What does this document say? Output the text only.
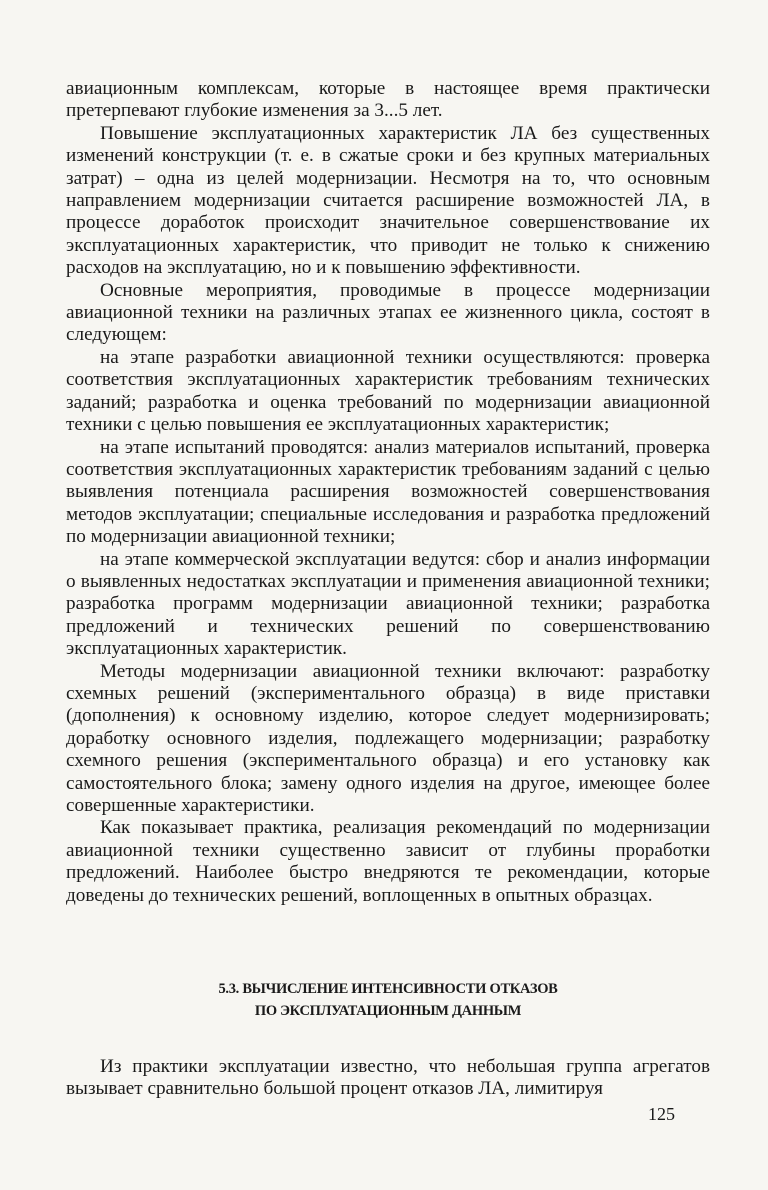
авиационным комплексам, которые в настоящее время практически претерпевают глубокие изменения за 3...5 лет.

Повышение эксплуатационных характеристик ЛА без существенных изменений конструкции (т. е. в сжатые сроки и без крупных материальных затрат) – одна из целей модернизации. Несмотря на то, что основным направлением модернизации считается расширение возможностей ЛА, в процессе доработок происходит значительное совершенствование их эксплуатационных характеристик, что приводит не только к снижению расходов на эксплуатацию, но и к повышению эффективности.

Основные мероприятия, проводимые в процессе модернизации авиационной техники на различных этапах ее жизненного цикла, состоят в следующем:

на этапе разработки авиационной техники осуществляются: проверка соответствия эксплуатационных характеристик требованиям технических заданий; разработка и оценка требований по модернизации авиационной техники с целью повышения ее эксплуатационных характеристик;

на этапе испытаний проводятся: анализ материалов испытаний, проверка соответствия эксплуатационных характеристик требованиям заданий с целью выявления потенциала расширения возможностей совершенствования методов эксплуатации; специальные исследования и разработка предложений по модернизации авиационной техники;

на этапе коммерческой эксплуатации ведутся: сбор и анализ информации о выявленных недостатках эксплуатации и применения авиационной техники; разработка программ модернизации авиационной техники; разработка предложений и технических решений по совершенствованию эксплуатационных характеристик.

Методы модернизации авиационной техники включают: разработку схемных решений (экспериментального образца) в виде приставки (дополнения) к основному изделию, которое следует модернизировать; доработку основного изделия, подлежащего модернизации; разработку схемного решения (экспериментального образца) и его установку как самостоятельного блока; замену одного изделия на другое, имеющее более совершенные характеристики.

Как показывает практика, реализация рекомендаций по модернизации авиационной техники существенно зависит от глубины проработки предложений. Наиболее быстро внедряются те рекомендации, которые доведены до технических решений, воплощенных в опытных образцах.

5.3. ВЫЧИСЛЕНИЕ ИНТЕНСИВНОСТИ ОТКАЗОВ
ПО ЭКСПЛУАТАЦИОННЫМ ДАННЫМ

Из практики эксплуатации известно, что небольшая группа агрегатов вызывает сравнительно большой процент отказов ЛА, лимитируя

125
